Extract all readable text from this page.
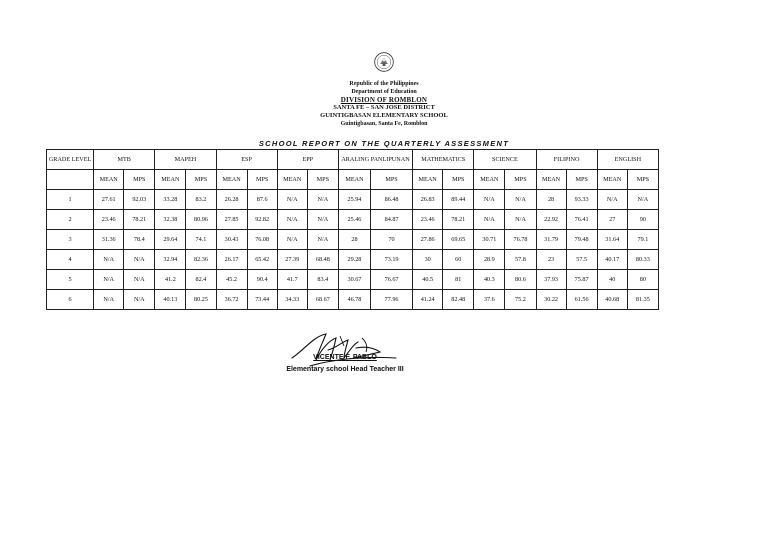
Republic of the Philippines
Department of Education
DIVISION OF ROMBLON
SANTA FE – SAN JOSE DISTRICT
GUINTIGBASAN ELEMENTARY SCHOOL
Guintigbasan, Santa Fe, Romblon
SCHOOL REPORT ON THE QUARTERLY ASSESSMENT
GRADE LEVEL	MTB		MAPEH		ESP		EPP		ARALING PANLIPUNAN		MATHEMATICS		SCIENCE		FILIPINO		ENGLISH	
	MEAN	MPS	MEAN	MPS	MEAN	MPS	MEAN	MPS	MEAN	MPS	MEAN	MPS	MEAN	MPS	MEAN	MPS	MEAN	MPS
1	27.61	92.03	33.28	83.2	26.28	87.6	N/A	N/A	25.94	86.48	26.83	89.44	N/A	N/A	28	93.33	N/A	N/A
2	23.46	78.21	32.38	80.96	27.85	92.82	N/A	N/A	25.46	84.87	23.46	78.21	N/A	N/A	22.92	76.41	27	90
3	31.36	78.4	29.64	74.1	30.43	76.08	N/A	N/A	28	70	27.86	69.65	30.71	76.78	31.79	79.48	31.64	79.1
4	N/A	N/A	32.94	82.36	26.17	65.42	27.39	68.48	29.28	73.19	30	60	28.9	57.8	23	57.5	40.17	80.33
5	N/A	N/A	41.2	82.4	45.2	90.4	41.7	83.4	30.67	76.67	40.5	81	40.3	80.6	37.93	75.87	40	80
6	N/A	N/A	40.13	80.25	36.72	73.44	34.33	68.67	46.78	77.96	41.24	82.48	37.6	75.2	30.22	61.56	40.68	81.35
VICENTE F. PABLO
Elementary school Head Teacher III
